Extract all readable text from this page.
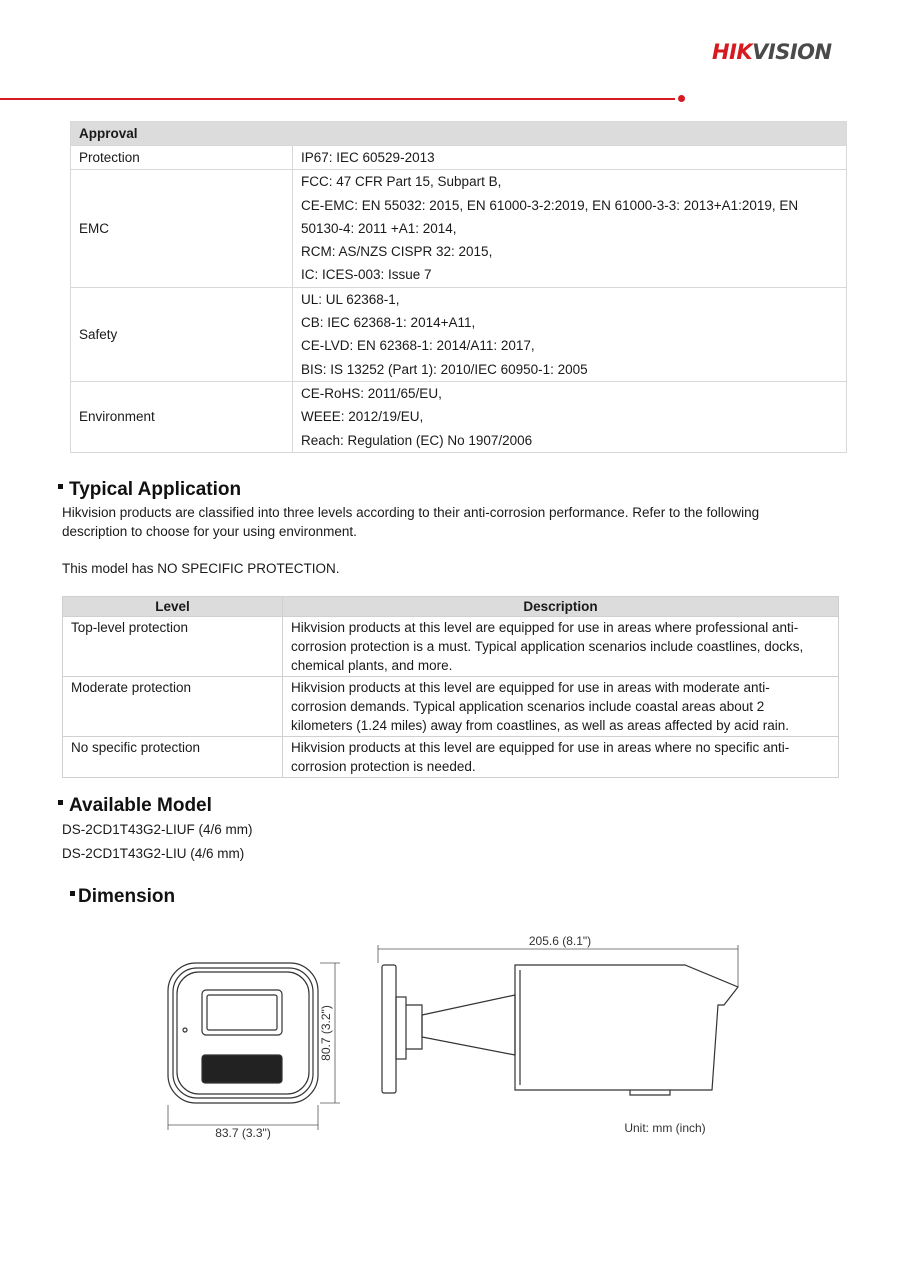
HIKVISION
Approval	
Protection	IP67: IEC 60529-2013

EMC	FCC: 47 CFR Part 15, Subpart B,
CE-EMC: EN 55032: 2015, EN 61000-3-2:2019, EN 61000-3-3: 2013+A1:2019, EN
50130-4: 2011 +A1: 2014,
RCM: AS/NZS CISPR 32: 2015,
IC: ICES-003: Issue 7

Safety	UL: UL 62368-1,
CB: IEC 62368-1: 2014+A11,
CE-LVD: EN 62368-1: 2014/A11: 2017,
BIS: IS 13252 (Part 1): 2010/IEC 60950-1: 2005

Environment	CE-RoHS: 2011/65/EU,
WEEE: 2012/19/EU,
Reach: Regulation (EC) No 1907/2006
Typical Application
Hikvision products are classified into three levels according to their anti-corrosion performance. Refer to the following
description to choose for your using environment.
This model has NO SPECIFIC PROTECTION.
Level	Description
Top-level protection	Hikvision products at this level are equipped for use in areas where professional anti-
corrosion protection is a must. Typical application scenarios include coastlines, docks,
chemical plants, and more.

Moderate protection	Hikvision products at this level are equipped for use in areas with moderate anti-
corrosion demands. Typical application scenarios include coastal areas about 2
kilometers (1.24 miles) away from coastlines, as well as areas affected by acid rain.

No specific protection	Hikvision products at this level are equipped for use in areas where no specific anti-
corrosion protection is needed.
Available Model
DS-2CD1T43G2-LIUF (4/6 mm)
DS-2CD1T43G2-LIU (4/6 mm)
Dimension
83.7 (3.3")
80.7 (3.2")
205.6 (8.1")
Unit: mm (inch)
